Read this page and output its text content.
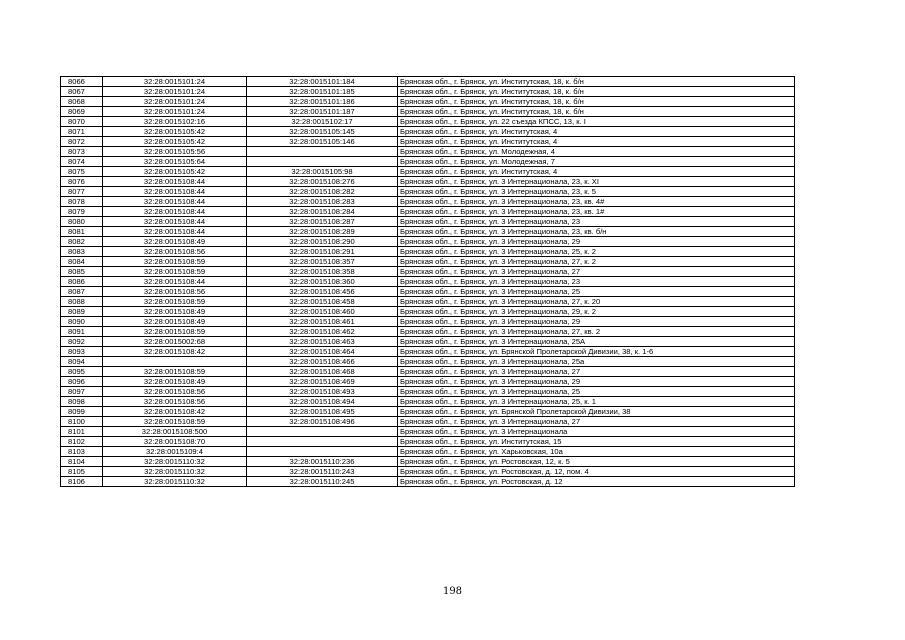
8066	32:28:0015101:24	32:28:0015101:184	Брянская обл., г. Брянск, ул. Институтская, 18, к. б/н
8067	32:28:0015101:24	32:28:0015101:185	Брянская обл., г. Брянск, ул. Институтская, 18, к. б/н
8068	32:28:0015101:24	32:28:0015101:186	Брянская обл., г. Брянск, ул. Институтская, 18, к. б/н
8069	32:28:0015101:24	32:28:0015101:187	Брянская обл., г. Брянск, ул. Институтская, 18, к. б/н
8070	32:28:0015102:16	32:28:0015102:17	Брянская обл., г. Брянск, ул. 22 съезда КПСС, 13, к. I
8071	32:28:0015105:42	32:28:0015105:145	Брянская обл., г. Брянск, ул. Институтская, 4
8072	32:28:0015105:42	32:28:0015105:146	Брянская обл., г. Брянск, ул. Институтская, 4
8073	32:28:0015105:56		Брянская обл., г. Брянск, ул. Молодежная, 4
8074	32:28:0015105:64		Брянская обл., г. Брянск, ул. Молодежная, 7
8075	32:28:0015105:42	32:28:0015105:98	Брянская обл., г. Брянск, ул. Институтская, 4
8076	32:28:0015108:44	32:28:0015108:276	Брянская обл., г. Брянск, ул. 3 Интернационала, 23, к. XI
8077	32:28:0015108:44	32:28:0015108:282	Брянская обл., г. Брянск, ул. 3 Интернационала, 23, к. 5
8078	32:28:0015108:44	32:28:0015108:283	Брянская обл., г. Брянск, ул. 3 Интернационала, 23, кв. 4#
8079	32:28:0015108:44	32:28:0015108:284	Брянская обл., г. Брянск, ул. 3 Интернационала, 23, кв. 1#
8080	32:28:0015108:44	32:28:0015108:287	Брянская обл., г. Брянск, ул. 3 Интернационала, 23
8081	32:28:0015108:44	32:28:0015108:289	Брянская обл., г. Брянск, ул. 3 Интернационала, 23, кв. б/н
8082	32:28:0015108:49	32:28:0015108:290	Брянская обл., г. Брянск, ул. 3 Интернационала, 29
8083	32:28:0015108:56	32:28:0015108:291	Брянская обл., г. Брянск, ул. 3 Интернационала, 25, к. 2
8084	32:28:0015108:59	32:28:0015108:357	Брянская обл., г. Брянск, ул. 3 Интернационала, 27, к. 2
8085	32:28:0015108:59	32:28:0015108:358	Брянская обл., г. Брянск, ул. 3 Интернационала, 27
8086	32:28:0015108:44	32:28:0015108:360	Брянская обл., г. Брянск, ул. 3 Интернационала, 23
8087	32:28:0015108:56	32:28:0015108:456	Брянская обл., г. Брянск, ул. 3 Интернационала, 25
8088	32:28:0015108:59	32:28:0015108:458	Брянская обл., г. Брянск, ул. 3 Интернационала, 27, к. 20
8089	32:28:0015108:49	32:28:0015108:460	Брянская обл., г. Брянск, ул. 3 Интернационала, 29, к. 2
8090	32:28:0015108:49	32:28:0015108:461	Брянская обл., г. Брянск, ул. 3 Интернационала, 29
8091	32:28:0015108:59	32:28:0015108:462	Брянская обл., г. Брянск, ул. 3 Интернационала, 27, кв. 2
8092	32:28:0015002:68	32:28:0015108:463	Брянская обл., г. Брянск, ул. 3 Интернационала, 25А
8093	32:28:0015108:42	32:28:0015108:464	Брянская обл., г. Брянск, ул. Брянской Пролетарской Дивизии, 38, к. 1-6
8094		32:28:0015108:466	Брянская обл., г. Брянск, ул. 3 Интернационала, 25а
8095	32:28:0015108:59	32:28:0015108:468	Брянская обл., г. Брянск, ул. 3 Интернационала, 27
8096	32:28:0015108:49	32:28:0015108:469	Брянская обл., г. Брянск, ул. 3 Интернационала, 29
8097	32:28:0015108:56	32:28:0015108:493	Брянская обл., г. Брянск, ул. 3 Интернационала, 25
8098	32:28:0015108:56	32:28:0015108:494	Брянская обл., г. Брянск, ул. 3 Интернационала, 25, к. 1
8099	32:28:0015108:42	32:28:0015108:495	Брянская обл., г. Брянск, ул. Брянской Пролетарской Дивизии, 38
8100	32:28:0015108:59	32:28:0015108:496	Брянская обл., г. Брянск, ул. 3 Интернационала, 27
8101	32:28:0015108:500		Брянская обл., г. Брянск, ул. 3 Интернационала
8102	32:28:0015108:70		Брянская обл., г. Брянск, ул. Институтская, 15
8103	32:28:0015109:4		Брянская обл., г. Брянск, ул. Харьковская, 10а
8104	32:28:0015110:32	32:28:0015110:236	Брянская обл., г. Брянск, ул. Ростовская, 12, к. 5
8105	32:28:0015110:32	32:28:0015110:243	Брянская обл., г. Брянск, ул. Ростовская, д. 12, пом. 4
8106	32:28:0015110:32	32:28:0015110:245	Брянская обл., г. Брянск, ул. Ростовская, д. 12
198
